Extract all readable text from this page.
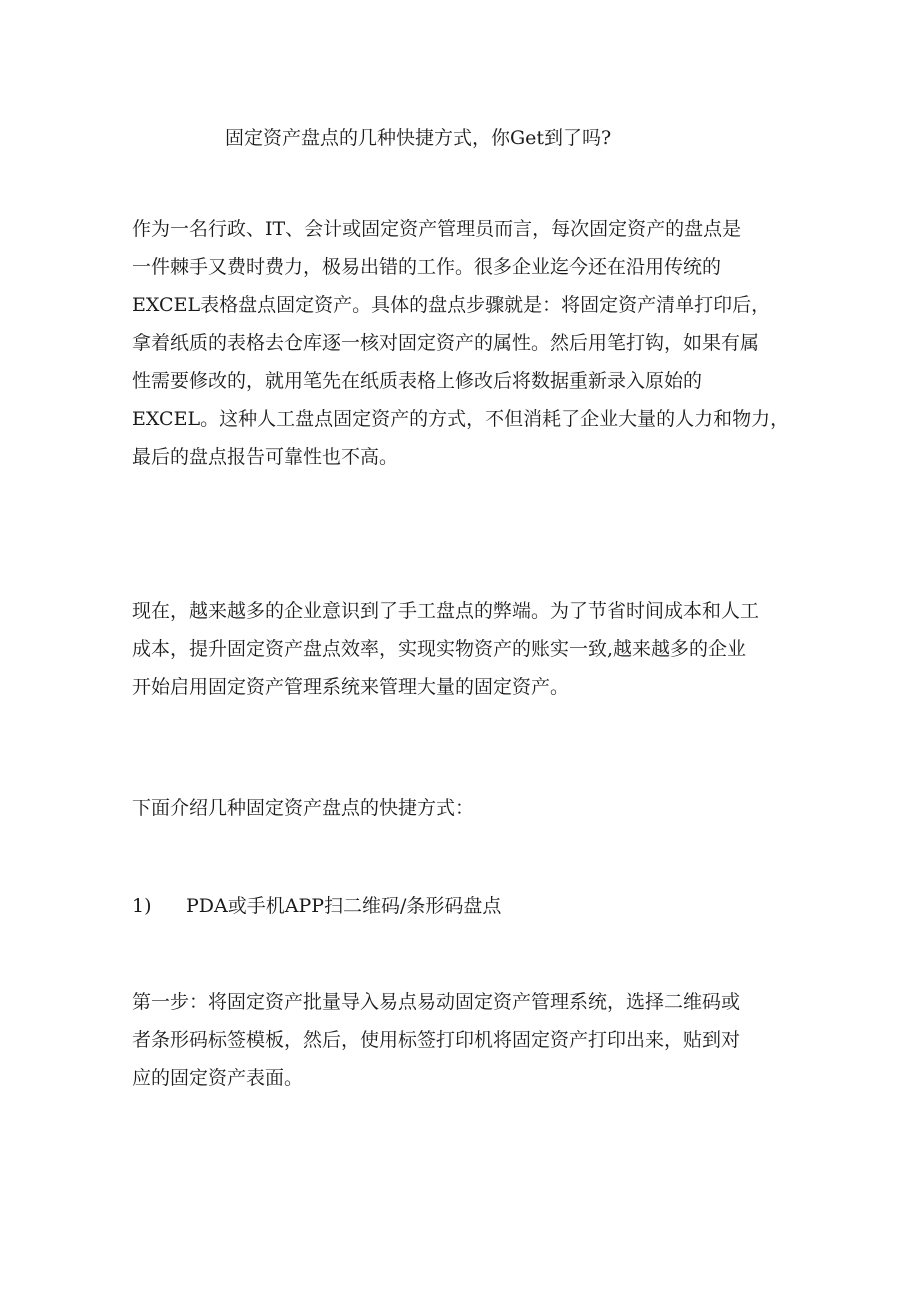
固定资产盘点的几种快捷方式，你Get到了吗?

作为一名行政、IT、会计或固定资产管理员而言，每次固定资产的盘点是
一件棘手又费时费力，极易出错的工作。很多企业迄今还在沿用传统的
EXCEL表格盘点固定资产。具体的盘点步骤就是：将固定资产清单打印后，
拿着纸质的表格去仓库逐一核对固定资产的属性。然后用笔打钩，如果有属
性需要修改的，就用笔先在纸质表格上修改后将数据重新录入原始的
EXCEL。这种人工盘点固定资产的方式，不但消耗了企业大量的人力和物力，
最后的盘点报告可靠性也不高。

现在，越来越多的企业意识到了手工盘点的弊端。为了节省时间成本和人工
成本，提升固定资产盘点效率，实现实物资产的账实一致,越来越多的企业
开始启用固定资产管理系统来管理大量的固定资产。

下面介绍几种固定资产盘点的快捷方式：

1) PDA或手机APP扫二维码/条形码盘点

第一步：将固定资产批量导入易点易动固定资产管理系统，选择二维码或
者条形码标签模板，然后，使用标签打印机将固定资产打印出来，贴到对
应的固定资产表面。
